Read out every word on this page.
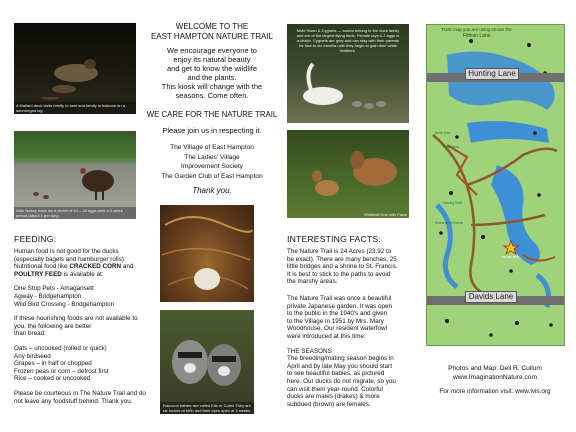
A Mallard duck visits briefly to nest and family to balance on a submerged log
Wild Turkey have lay a clutch of 10 – 15 eggs over a 2-week period (about 1 per day)
FEEDING:
Human food is not good for the ducks
(especially bagels and hamburger rolls).
Nutritional food like CRACKED CORN and
POULTRY FEED is available at:
One Stop Pets - Amagansett
Agway - Bridgehampton
Wild Bird Crossing - Bridgehampton
If these nourishing foods are not available to
you, the following are better
than bread:
Oats – uncooked (rolled or quick)
Any birdseed
Grapes – in half or chopped
Frozen peas or corn – defrost first
Rice – cooked or uncooked
Please be courteous in The Nature Trail and do
not leave any foodstuff behind. Thank you.
WELCOME TO THE
EAST HAMPTON NATURE TRAIL
We encourage everyone to
enjoy its natural beauty
and get to know the wildlife
and the plants.
This kiosk will change with the
seasons. Come often.
WE CARE FOR THE NATURE TRAIL
Please join us in respecting it.
The Village of East Hampton
The Ladies' Village
Improvement Society
The Garden Club of East Hampton
Thank you.
Raccoon babies are called Kits or Cubs! They are six inches at birth and their eyes open at 3 weeks.
Mute Swan & Cygnets — swans belong to the duck family and are of the largest flying birds. Female lays 4-7 eggs in a clutch. Cygnets are grey and can stay with their parents for four to six months until they begin to gain their white feathers.
Whitetail Doe with Fawn
INTERESTING FACTS:
The Nature Trail is 24 Acres (23.92 to
be exact). There are many benches, 25
little bridges and a shrine to St. Francis.
It is best to stick to the paths to avoid
the marshy areas.
The Nature Trail was once a beautiful
private Japanese garden. It was open
to the public in the 1940's and given
to the Village in 1951 by Mrs. Mary
Woodhouse. Our resident waterfowl
were introduced at this time.
THE SEASONS
The breeding/mating season begins in
April and by late May you should start
to see beautiful babies, as pictured
here. Our ducks do not migrate, so you
can visit them year-round. Colorful
ducks are males (drakes) & more
subdued (brown) are females.
Trails map you are using shows the
Fithian Lane
Hunting Lane
Davids Lane
North Area
Rams Area
Viewing Point
Shrine of St Francis
You are here
Photos and Map: Dell R. Cullum
www.ImaginationNature.com
For more information visit: www.lvis.org
